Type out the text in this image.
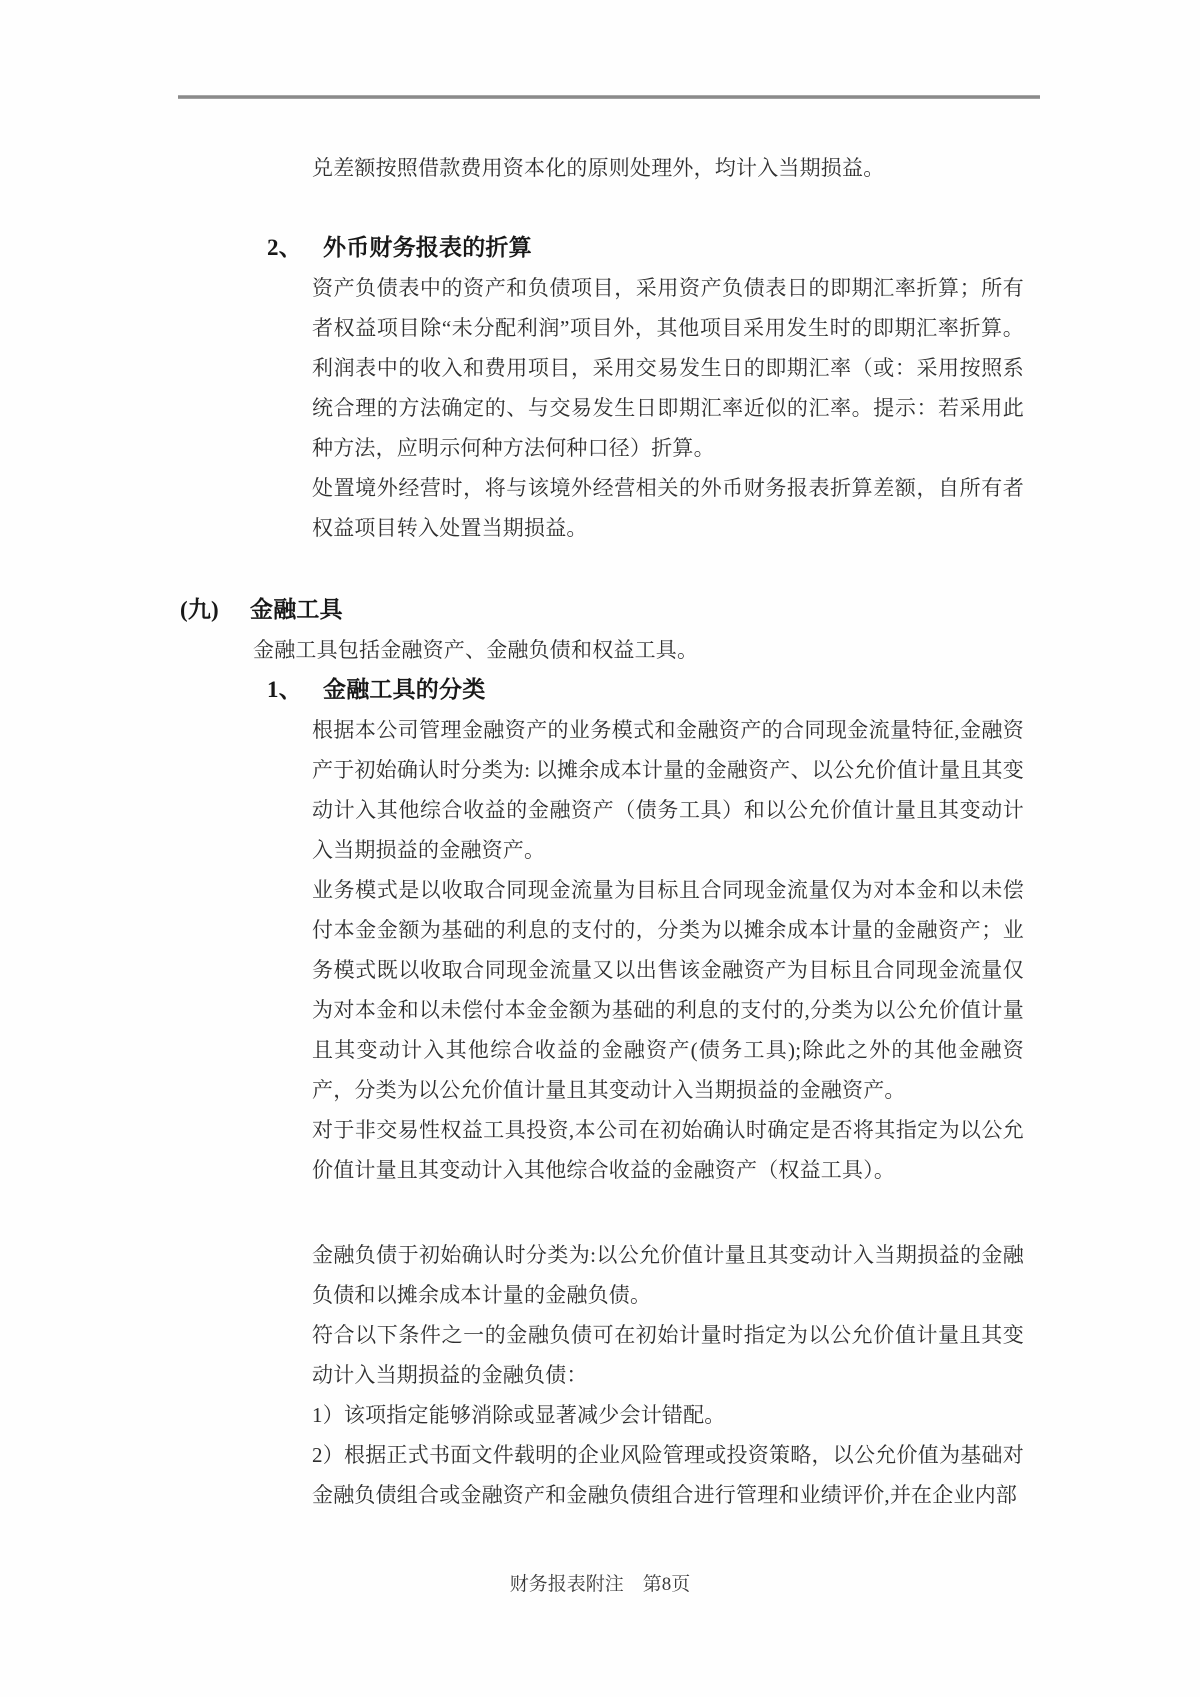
兑差额按照借款费用资本化的原则处理外，均计入当期损益。

2、 外币财务报表的折算

资产负债表中的资产和负债项目，采用资产负债表日的即期汇率折算；所有者权益项目除“未分配利润”项目外，其他项目采用发生时的即期汇率折算。利润表中的收入和费用项目，采用交易发生日的即期汇率（或：采用按照系统合理的方法确定的、与交易发生日即期汇率近似的汇率。提示：若采用此种方法，应明示何种方法何种口径）折算。

处置境外经营时，将与该境外经营相关的外币财务报表折算差额，自所有者权益项目转入处置当期损益。

(九) 金融工具

金融工具包括金融资产、金融负债和权益工具。

1、 金融工具的分类

根据本公司管理金融资产的业务模式和金融资产的合同现金流量特征,金融资产于初始确认时分类为: 以摊余成本计量的金融资产、以公允价值计量且其变动计入其他综合收益的金融资产（债务工具）和以公允价值计量且其变动计入当期损益的金融资产。

业务模式是以收取合同现金流量为目标且合同现金流量仅为对本金和以未偿付本金金额为基础的利息的支付的，分类为以摊余成本计量的金融资产；业务模式既以收取合同现金流量又以出售该金融资产为目标且合同现金流量仅为对本金和以未偿付本金金额为基础的利息的支付的,分类为以公允价值计量且其变动计入其他综合收益的金融资产(债务工具);除此之外的其他金融资产，分类为以公允价值计量且其变动计入当期损益的金融资产。

对于非交易性权益工具投资,本公司在初始确认时确定是否将其指定为以公允价值计量且其变动计入其他综合收益的金融资产（权益工具）。

金融负债于初始确认时分类为:以公允价值计量且其变动计入当期损益的金融负债和以摊余成本计量的金融负债。

符合以下条件之一的金融负债可在初始计量时指定为以公允价值计量且其变动计入当期损益的金融负债：

1）该项指定能够消除或显著减少会计错配。

2）根据正式书面文件载明的企业风险管理或投资策略，以公允价值为基础对金融负债组合或金融资产和金融负债组合进行管理和业绩评价,并在企业内部

财务报表附注　第8页
